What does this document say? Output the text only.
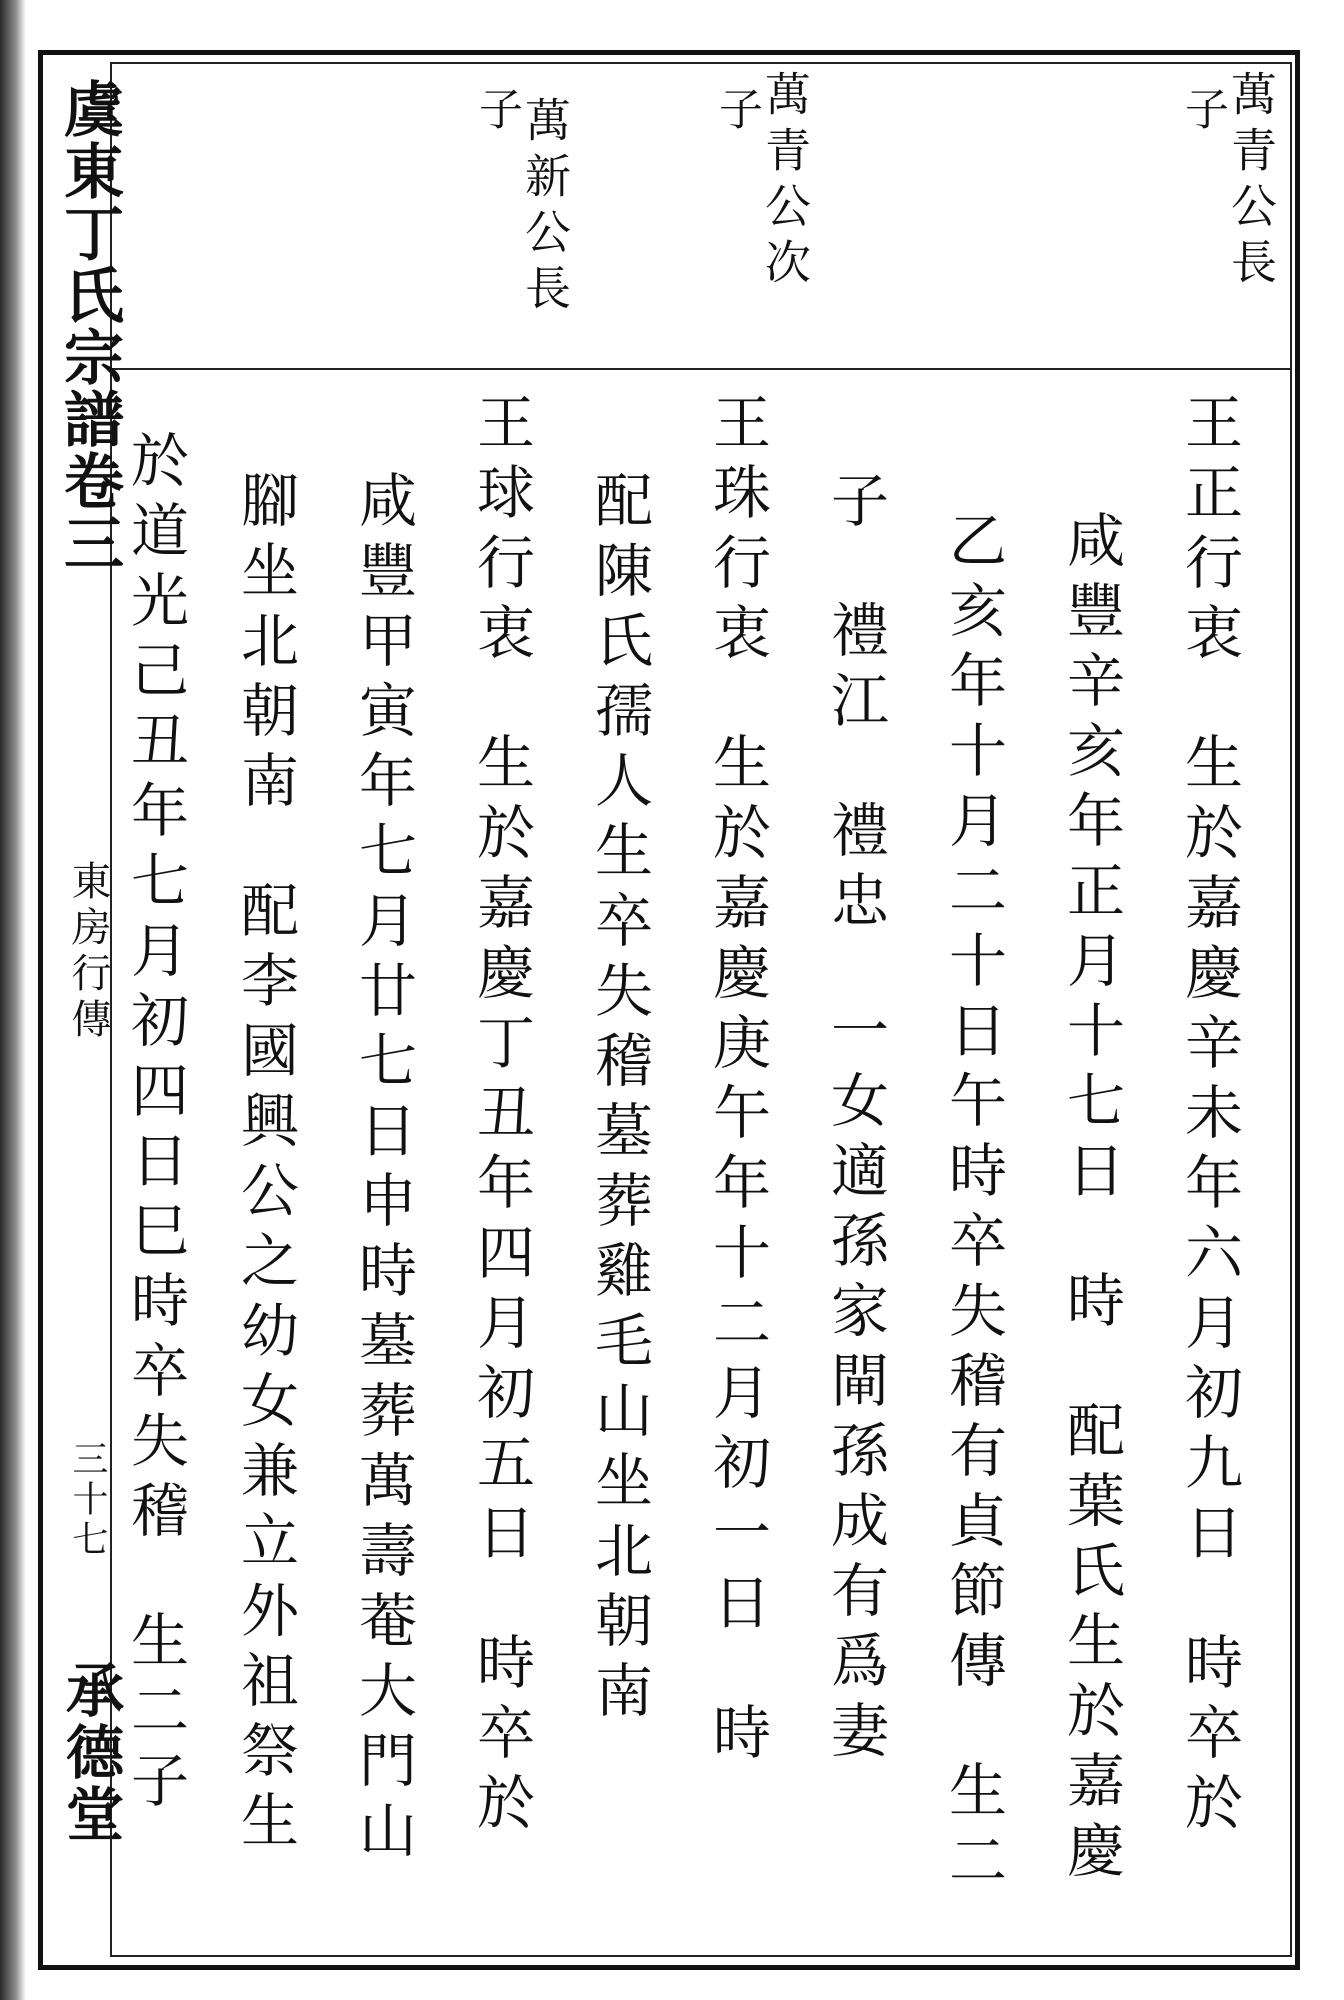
虞東丁氏宗譜卷三
東房行傳
三十七
承德堂
萬青公長
子
萬青公次
子
萬新公長
子
王正行衷生於嘉慶辛未年六月初九日時卒於
咸豐辛亥年正月十七日時配葉氏生於嘉慶
乙亥年十月二十日午時卒失稽有貞節傳生二
子禮江禮忠一女適孫家閘孫成有爲妻
王珠行衷生於嘉慶庚午年十二月初一日時
配陳氏孺人生卒失稽墓葬雞毛山坐北朝南
王球行衷生於嘉慶丁丑年四月初五日時卒於
咸豐甲寅年七月廿七日申時墓葬萬壽菴大門山
腳坐北朝南配李國興公之幼女兼立外祖祭生
於道光己丑年七月初四日巳時卒失稽生二子
